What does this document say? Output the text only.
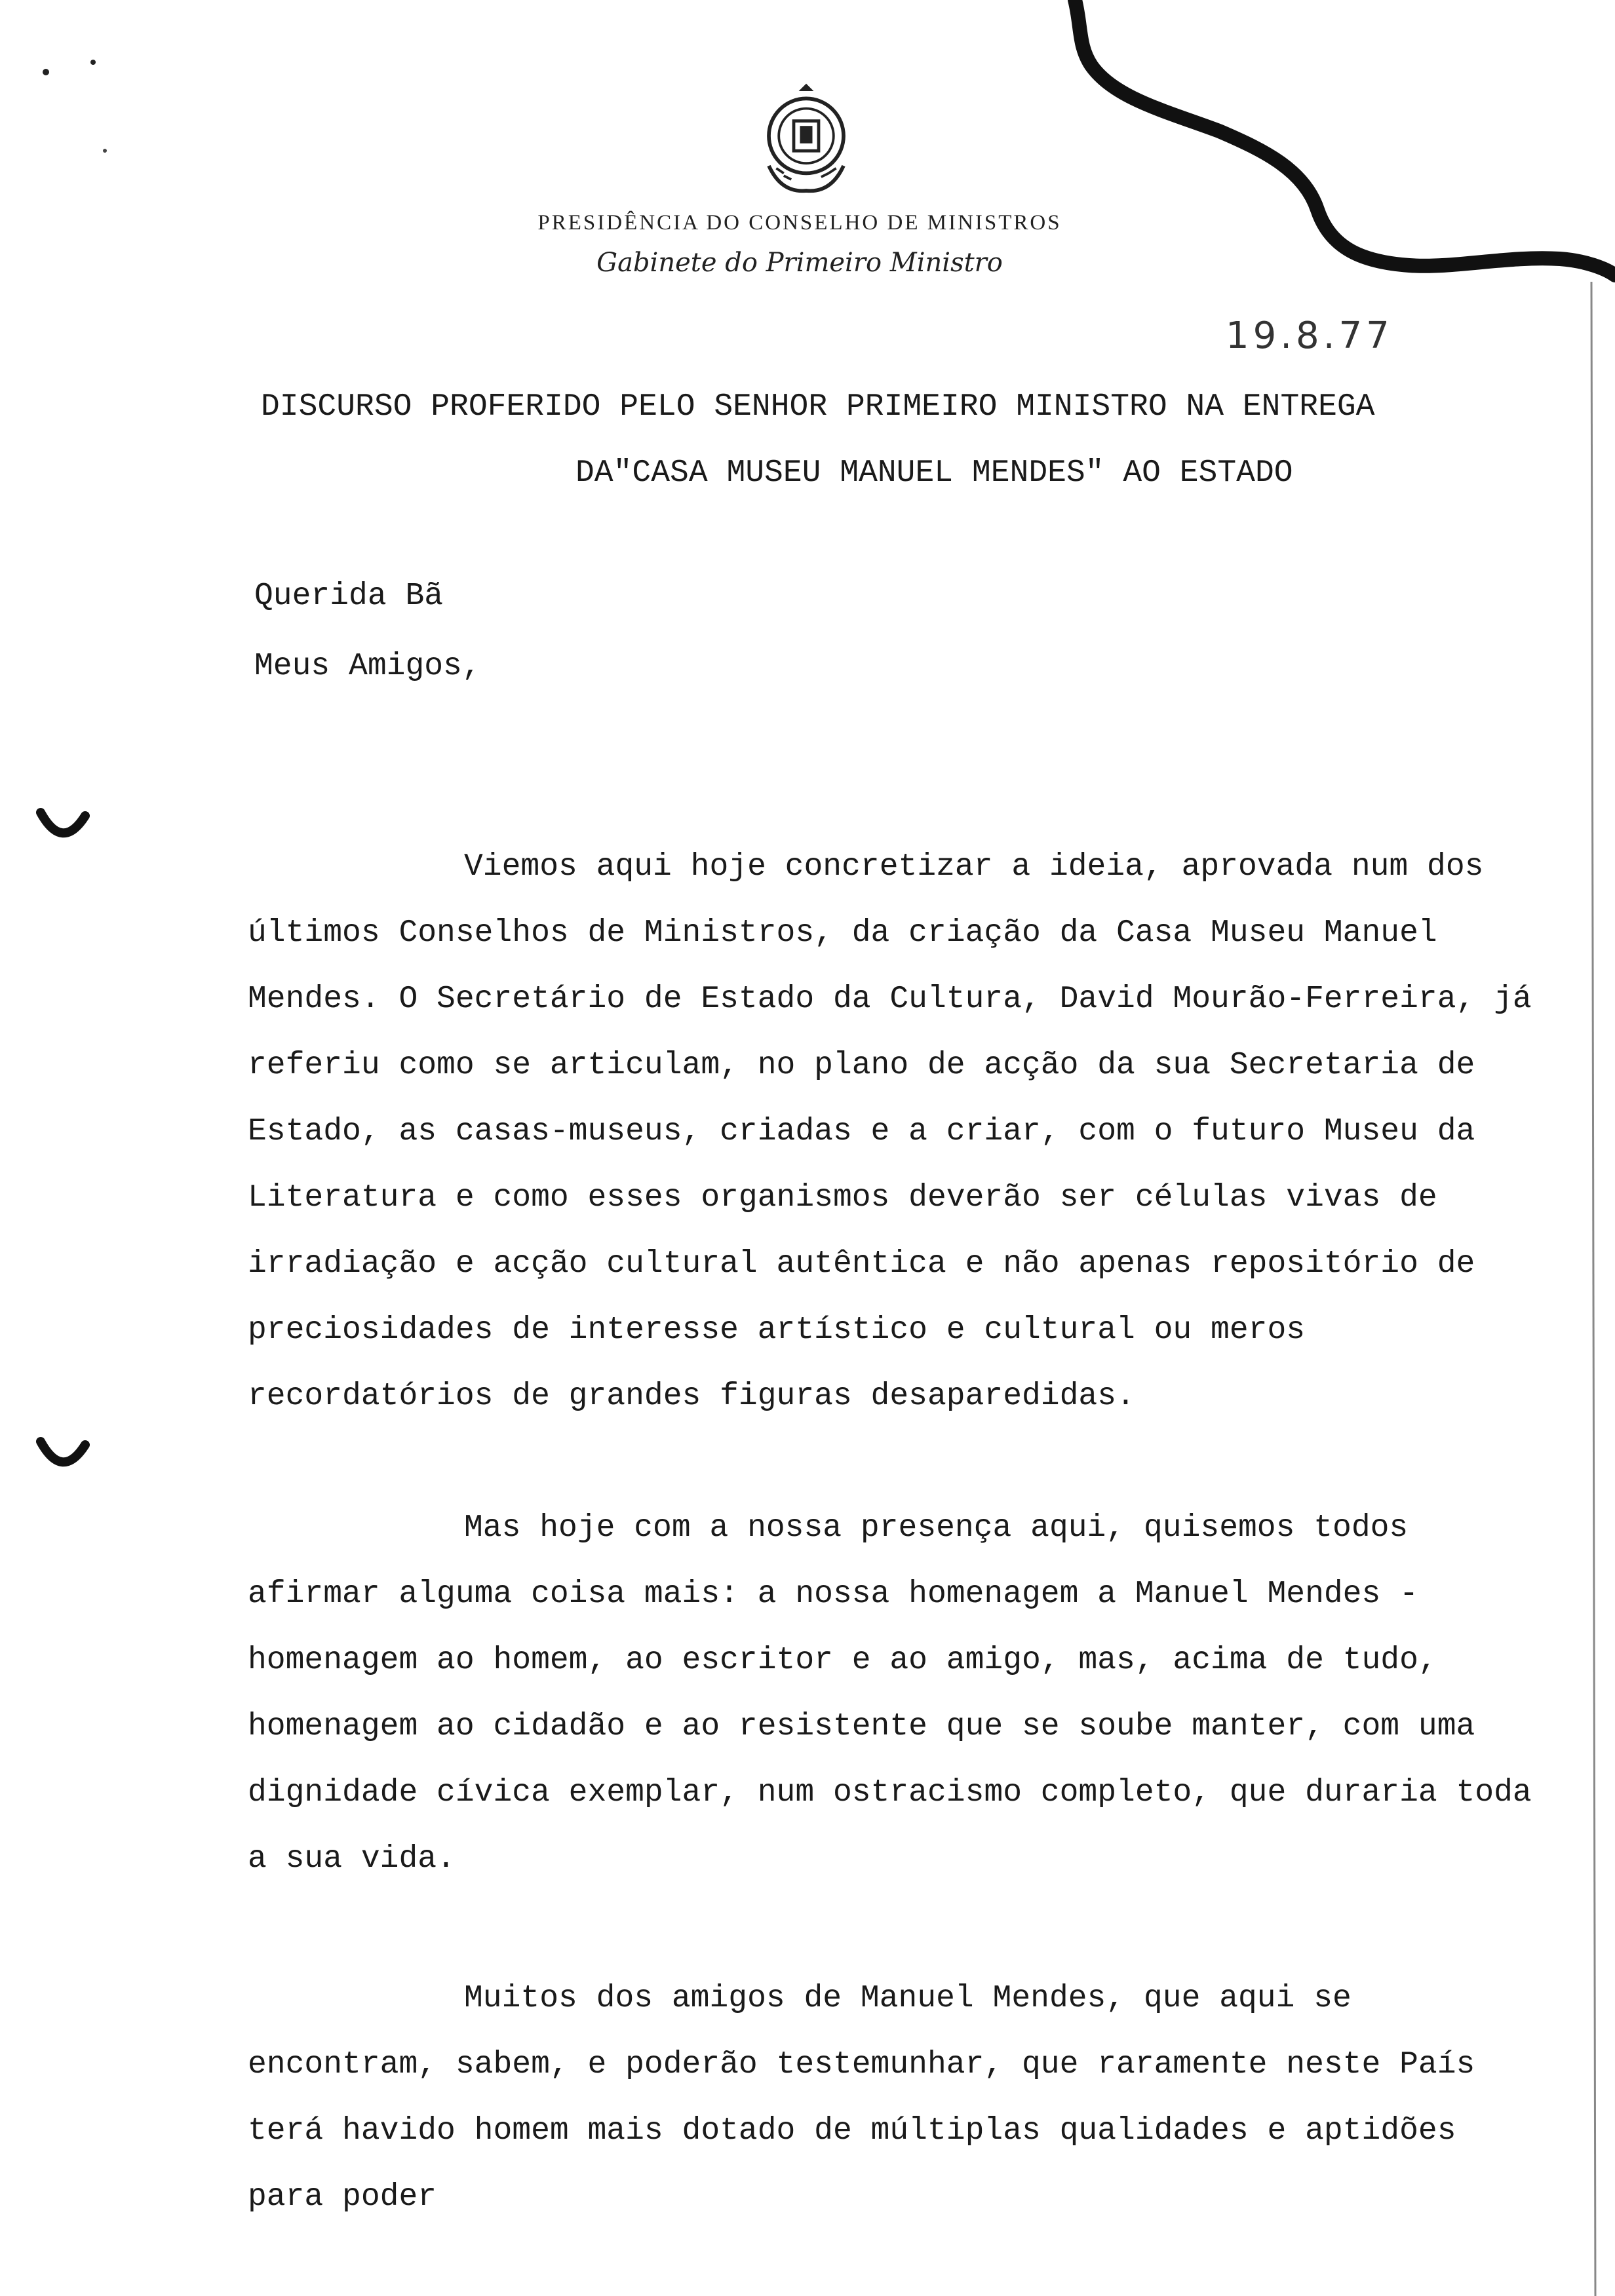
PRESIDÊNCIA DO CONSELHO DE MINISTROS
Gabinete do Primeiro Ministro
19.8.77
DISCURSO PROFERIDO PELO SENHOR PRIMEIRO MINISTRO NA ENTREGA
DA"CASA MUSEU MANUEL MENDES" AO ESTADO
Querida Bã
Meus Amigos,

Viemos aqui hoje concretizar a ideia, aprovada num dos últimos Conselhos de Ministros, da criação da Casa Museu Manuel Mendes. O Secretário de Estado da Cultura, David Mourão-Ferreira, já referiu como se articulam, no plano de acção da sua Secretaria de Estado, as casas-museus, criadas e a criar, com o futuro Museu da Literatura e como esses organismos deverão ser células vivas de irradiação e acção cultural autêntica e não apenas repositório de preciosidades de interesse artístico e cultural ou meros recordatórios de grandes figuras desaparedidas.

Mas hoje com a nossa presença aqui, quisemos todos afirmar alguma coisa mais: a nossa homenagem a Manuel Mendes - homenagem ao homem, ao escritor e ao amigo, mas, acima de tudo, homenagem ao cidadão e ao resistente que se soube manter, com uma dignidade cívica exemplar, num ostracismo completo, que duraria toda a sua vida.

Muitos dos amigos de Manuel Mendes, que aqui se encontram, sabem, e poderão testemunhar, que raramente neste País terá havido homem mais dotado de múltiplas qualidades e aptidões para poder
